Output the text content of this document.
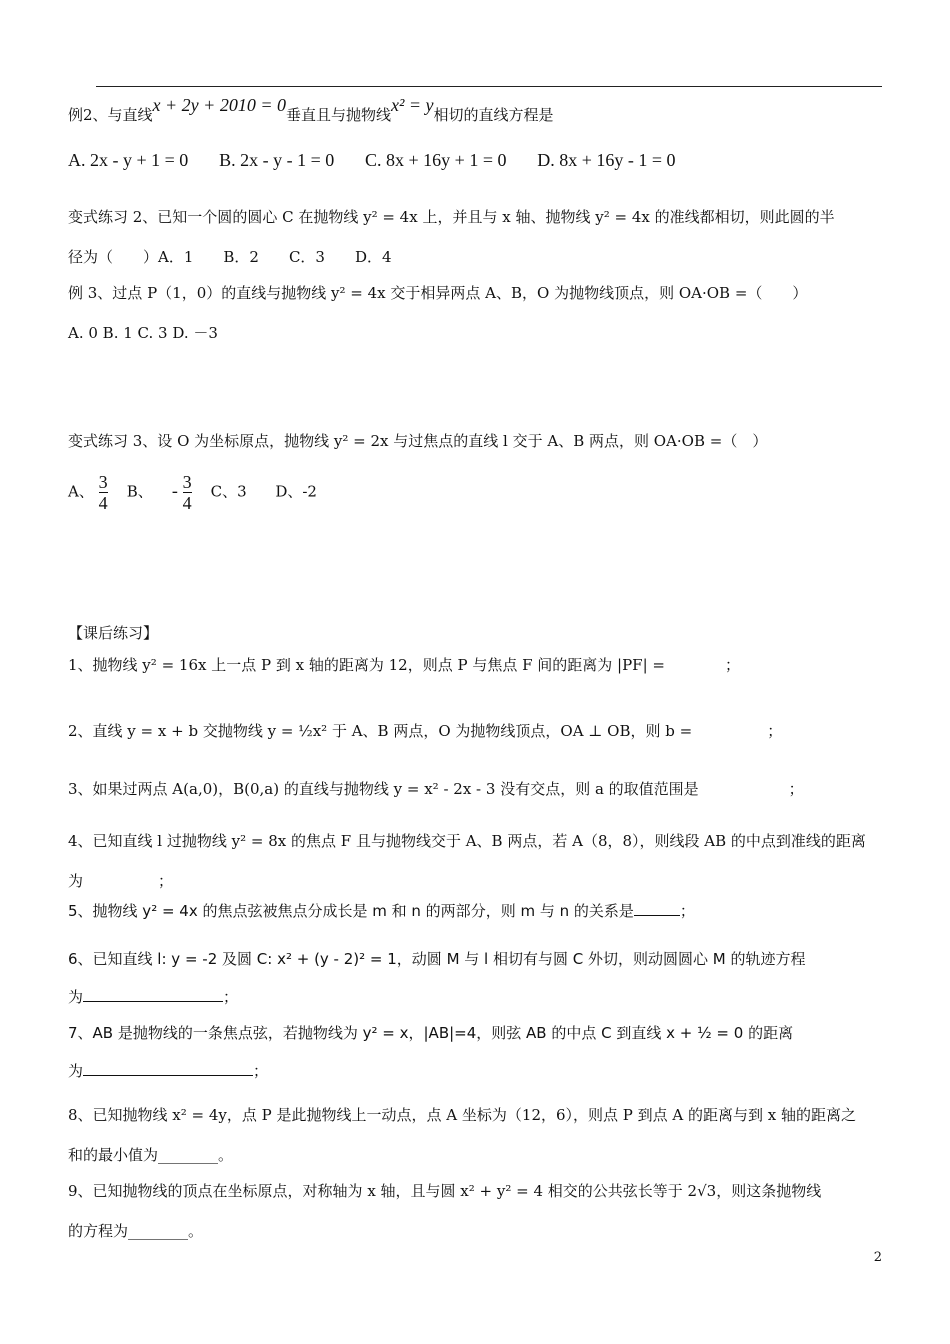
例2、与直线x + 2y + 2010 = 0垂直且与抛物线x² = y相切的直线方程是
A. 2x - y + 1 = 0 B. 2x - y - 1 = 0 C. 8x + 16y + 1 = 0 D. 8x + 16y - 1 = 0
变式练习 2、已知一个圆的圆心 C 在抛物线 y² = 4x 上，并且与 x 轴、抛物线 y² = 4x 的准线都相切，则此圆的半
径为（　　）A．1　　B．2　　C．3　　D．4
例 3、过点 P（1，0）的直线与抛物线 y² = 4x 交于相异两点 A、B，O 为抛物线顶点，则 OA·OB =（　　）
A. 0 B. 1 C. 3 D. －3
变式练习 3、设 O 为坐标原点，抛物线 y² = 2x 与过焦点的直线 l 交于 A、B 两点，则 OA·OB =（　）
A、 $\frac{3}{4}$ B、 - $\frac{3}{4}$ C、3 D、-2
【课后练习】
1、抛物线 y² = 16x 上一点 P 到 x 轴的距离为 12，则点 P 与焦点 F 间的距离为 |PF| =　　　　；
2、直线 y = x + b 交抛物线 y = ½x² 于 A、B 两点，O 为抛物线顶点，OA ⊥ OB，则 b =　　　　　；
3、如果过两点 A(a,0)，B(0,a) 的直线与抛物线 y = x² - 2x - 3 没有交点，则 a 的取值范围是　　　　　　；
4、已知直线 l 过抛物线 y² = 8x 的焦点 F 且与抛物线交于 A、B 两点，若 A（8，8），则线段 AB 的中点到准线的距离
为　　　　　；
5、抛物线 y² = 4x 的焦点弦被焦点分成长是 m 和 n 的两部分，则 m 与 n 的关系是	；
6、已知直线 l: y = -2 及圆 C: x² + (y - 2)² = 1，动圆 M 与 l 相切有与圆 C 外切，则动圆圆心 M 的轨迹方程
为	；
7、AB 是抛物线的一条焦点弦，若抛物线为 y² = x，|AB|=4，则弦 AB 的中点 C 到直线 x + ½ = 0 的距离
为	；
8、已知抛物线 x² = 4y，点 P 是此抛物线上一动点，点 A 坐标为（12，6），则点 P 到点 A 的距离与到 x 轴的距离之
和的最小值为________。
9、已知抛物线的顶点在坐标原点，对称轴为 x 轴，且与圆 x² + y² = 4 相交的公共弦长等于 2√3，则这条抛物线
的方程为________。
2
